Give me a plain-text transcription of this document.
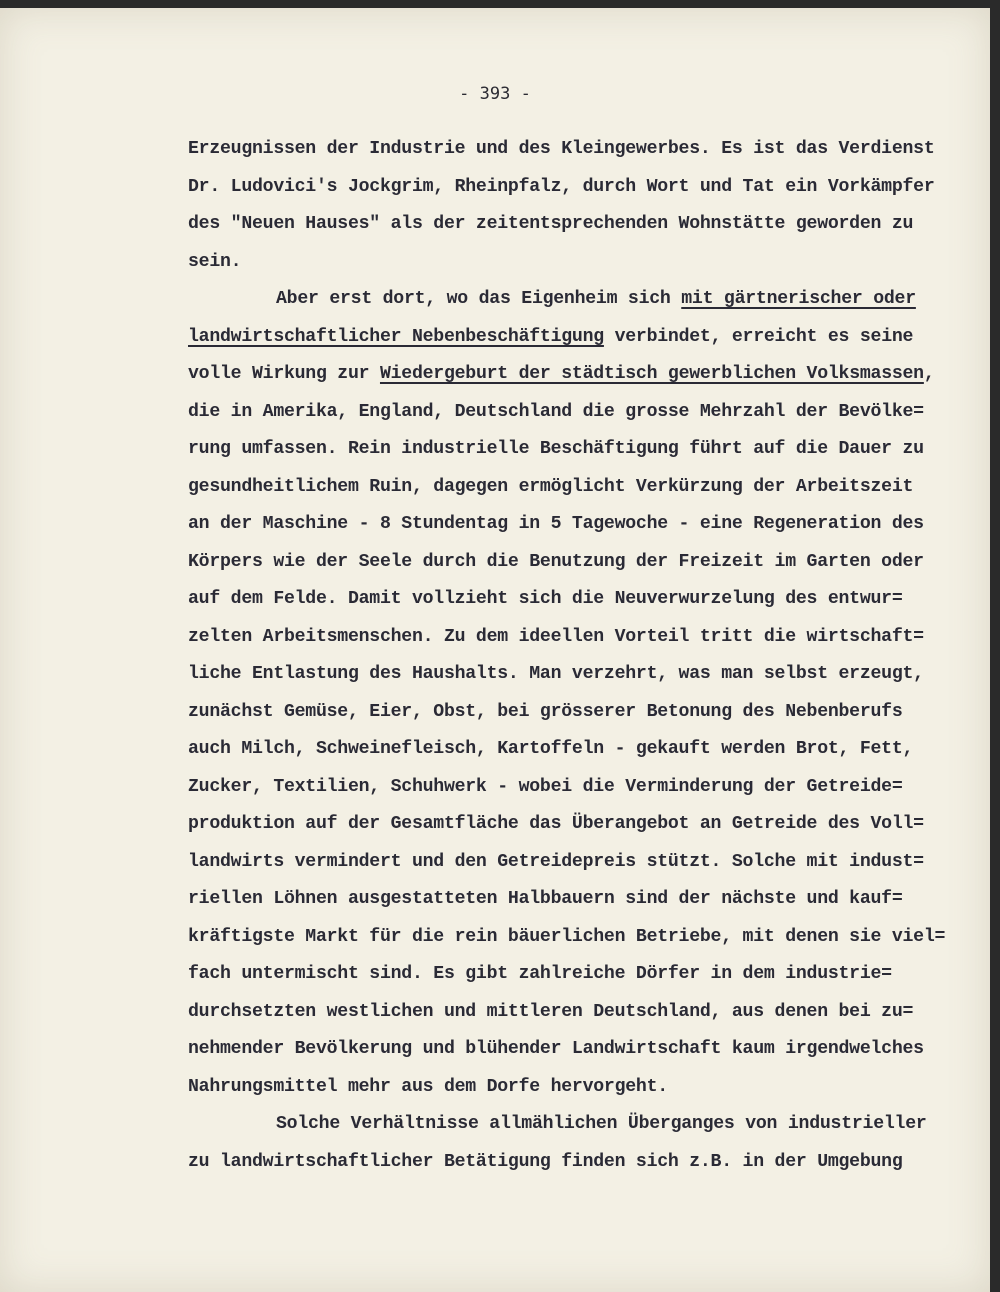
- 393 -
Erzeugnissen der Industrie und des Kleingewerbes. Es ist das Verdienst
Dr. Ludovici's Jockgrim, Rheinpfalz, durch Wort und Tat ein Vorkämpfer
des "Neuen Hauses" als der zeitentsprechenden Wohnstätte geworden zu
sein.
Aber erst dort, wo das Eigenheim sich mit gärtnerischer oder
landwirtschaftlicher Nebenbeschäftigung verbindet, erreicht es seine
volle Wirkung zur Wiedergeburt der städtisch gewerblichen Volksmassen,
die in Amerika, England, Deutschland die grosse Mehrzahl der Bevölke=
rung umfassen. Rein industrielle Beschäftigung führt auf die Dauer zu
gesundheitlichem Ruin, dagegen ermöglicht Verkürzung der Arbeitszeit
an der Maschine - 8 Stundentag in 5 Tagewoche - eine Regeneration des
Körpers wie der Seele durch die Benutzung der Freizeit im Garten oder
auf dem Felde. Damit vollzieht sich die Neuverwurzelung des entwur=
zelten Arbeitsmenschen. Zu dem ideellen Vorteil tritt die wirtschaft=
liche Entlastung des Haushalts. Man verzehrt, was man selbst erzeugt,
zunächst Gemüse, Eier, Obst, bei grösserer Betonung des Nebenberufs
auch Milch, Schweinefleisch, Kartoffeln - gekauft werden Brot, Fett,
Zucker, Textilien, Schuhwerk - wobei die Verminderung der Getreide=
produktion auf der Gesamtfläche das Überangebot an Getreide des Voll=
landwirts vermindert und den Getreidepreis stützt. Solche mit indust=
riellen Löhnen ausgestatteten Halbbauern sind der nächste und kauf=
kräftigste Markt für die rein bäuerlichen Betriebe, mit denen sie viel=
fach untermischt sind. Es gibt zahlreiche Dörfer in dem industrie=
durchsetzten westlichen und mittleren Deutschland, aus denen bei zu=
nehmender Bevölkerung und blühender Landwirtschaft kaum irgendwelches
Nahrungsmittel mehr aus dem Dorfe hervorgeht.
Solche Verhältnisse allmählichen Überganges von industrieller
zu landwirtschaftlicher Betätigung finden sich z.B. in der Umgebung
